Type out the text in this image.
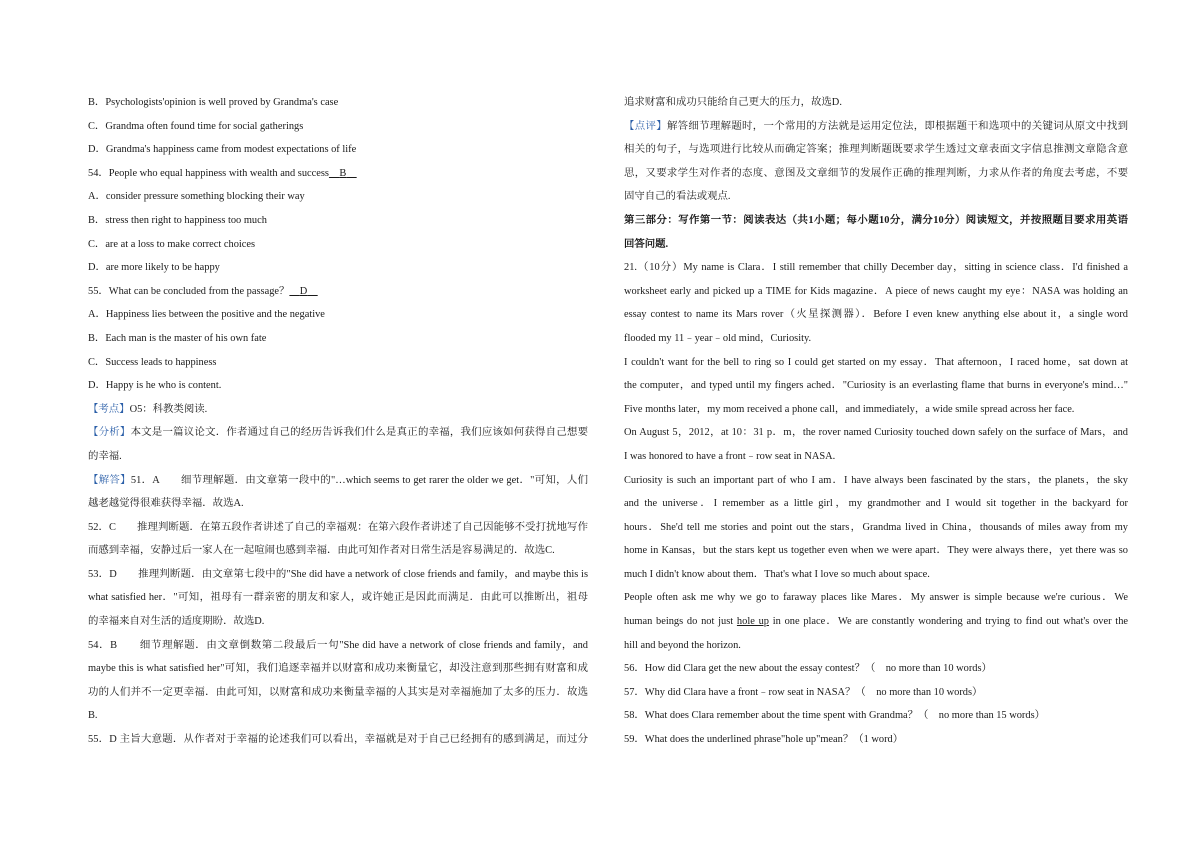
B．Psychologists'opinion is well proved by Grandma's case
C．Grandma often found time for social gatherings
D．Grandma's happiness came from modest expectations of life
54．People who equal happiness with wealth and success   B  
A．consider pressure something blocking their way
B．stress then right to happiness too much
C．are at a loss to make correct choices
D．are more likely to be happy
55．What can be concluded from the passage？   D  
A．Happiness lies between the positive and the negative
B．Each man is the master of his own fate
C．Success leads to happiness
D．Happy is he who is content.
【考点】O5：科教类阅读.
【分析】本文是一篇议论文．作者通过自己的经历告诉我们什么是真正的幸福，我们应该如何获得自己想要
的幸福.
【解答】51．A　　细节理解题．由文章第一段中的"…which seems to get rarer the older we get．"可知，人们
越老越觉得很难获得幸福．故选A.
52．C　　推理判断题．在第五段作者讲述了自己的幸福观：在第六段作者讲述了自己因能够不受打扰地写作
而感到幸福，安静过后一家人在一起喧闹也感到幸福．由此可知作者对日常生活是容易满足的．故选C.
53．D　　推理判断题．由文章第七段中的"She did have a network of close friends and family，and maybe this is
what satisfied her．"可知，祖母有一群亲密的朋友和家人，或许她正是因此而满足．由此可以推断出，祖母
的幸福来自对生活的适度期盼．故选D.
54．B　　细节理解题．由文章倒数第二段最后一句"She did have a network of close friends and family，and
maybe this is what satisfied her"可知，我们追逐幸福并以财富和成功来衡量它，却没注意到那些拥有财富和成
功的人们并不一定更幸福．由此可知，以财富和成功来衡量幸福的人其实是对幸福施加了太多的压力．故选
B.
55．D 主旨大意题．从作者对于幸福的论述我们可以看出，幸福就是对于自己已经拥有的感到满足，而过分
追求财富和成功只能给自己更大的压力，故选D.
【点评】解答细节理解题时，一个常用的方法就是运用定位法，即根据题干和选项中的关键词从原文中找到
相关的句子，与选项进行比较从而确定答案；推理判断题既要求学生透过文章表面文字信息推测文章隐含意
思，又要求学生对作者的态度、意图及文章细节的发展作正确的推理判断，力求从作者的角度去考虑，不要
固守自己的看法或观点.
第三部分：写作第一节：阅读表达（共1小题；每小题10分，满分10分）阅读短文，并按照题目要求用英语
回答问题.
21.（10分）My name is Clara．I still remember that chilly December day，sitting in science class．I'd finished a
worksheet early and picked up a TIME for Kids magazine．A piece of news caught my eye：NASA was holding an
essay contest to name its Mars rover（火星探测器）．Before I even knew anything else about it，a single word
flooded my 11﹣year﹣old mind，Curiosity.
I couldn't want for the bell to ring so I could get started on my essay．That afternoon，I raced home，sat down at
the computer，and typed until my fingers ached．"Curiosity is an everlasting flame that burns in everyone's mind…"
Five months later，my mom received a phone call，and immediately，a wide smile spread across her face.
On August 5，2012，at 10：31 p．m，the rover named Curiosity touched down safely on the surface of Mars，and
I was honored to have a front﹣row seat in NASA.
Curiosity is such an important part of who I am．I have always been fascinated by the stars，the planets，the sky
and the universe．I remember as a little girl，my grandmother and I would sit together in the backyard for
hours．She'd tell me stories and point out the stars，Grandma lived in China，thousands of miles away from my
home in Kansas，but the stars kept us together even when we were apart．They were always there，yet there was so
much I didn't know about them．That's what I love so much about space.
People often ask me why we go to faraway places like Mares．My answer is simple because we're curious．We
human beings do not just hole up in one place．We are constantly wondering and trying to find out what's over the
hill and beyond the horizon.
56．How did Clara get the new about the essay contest？（　no more than 10 words）
57．Why did Clara have a front﹣row seat in NASA？（　no more than 10 words）
58．What does Clara remember about the time spent with Grandma？（　no more than 15 words）
59．What does the underlined phrase"hole up"mean？（1 word）
